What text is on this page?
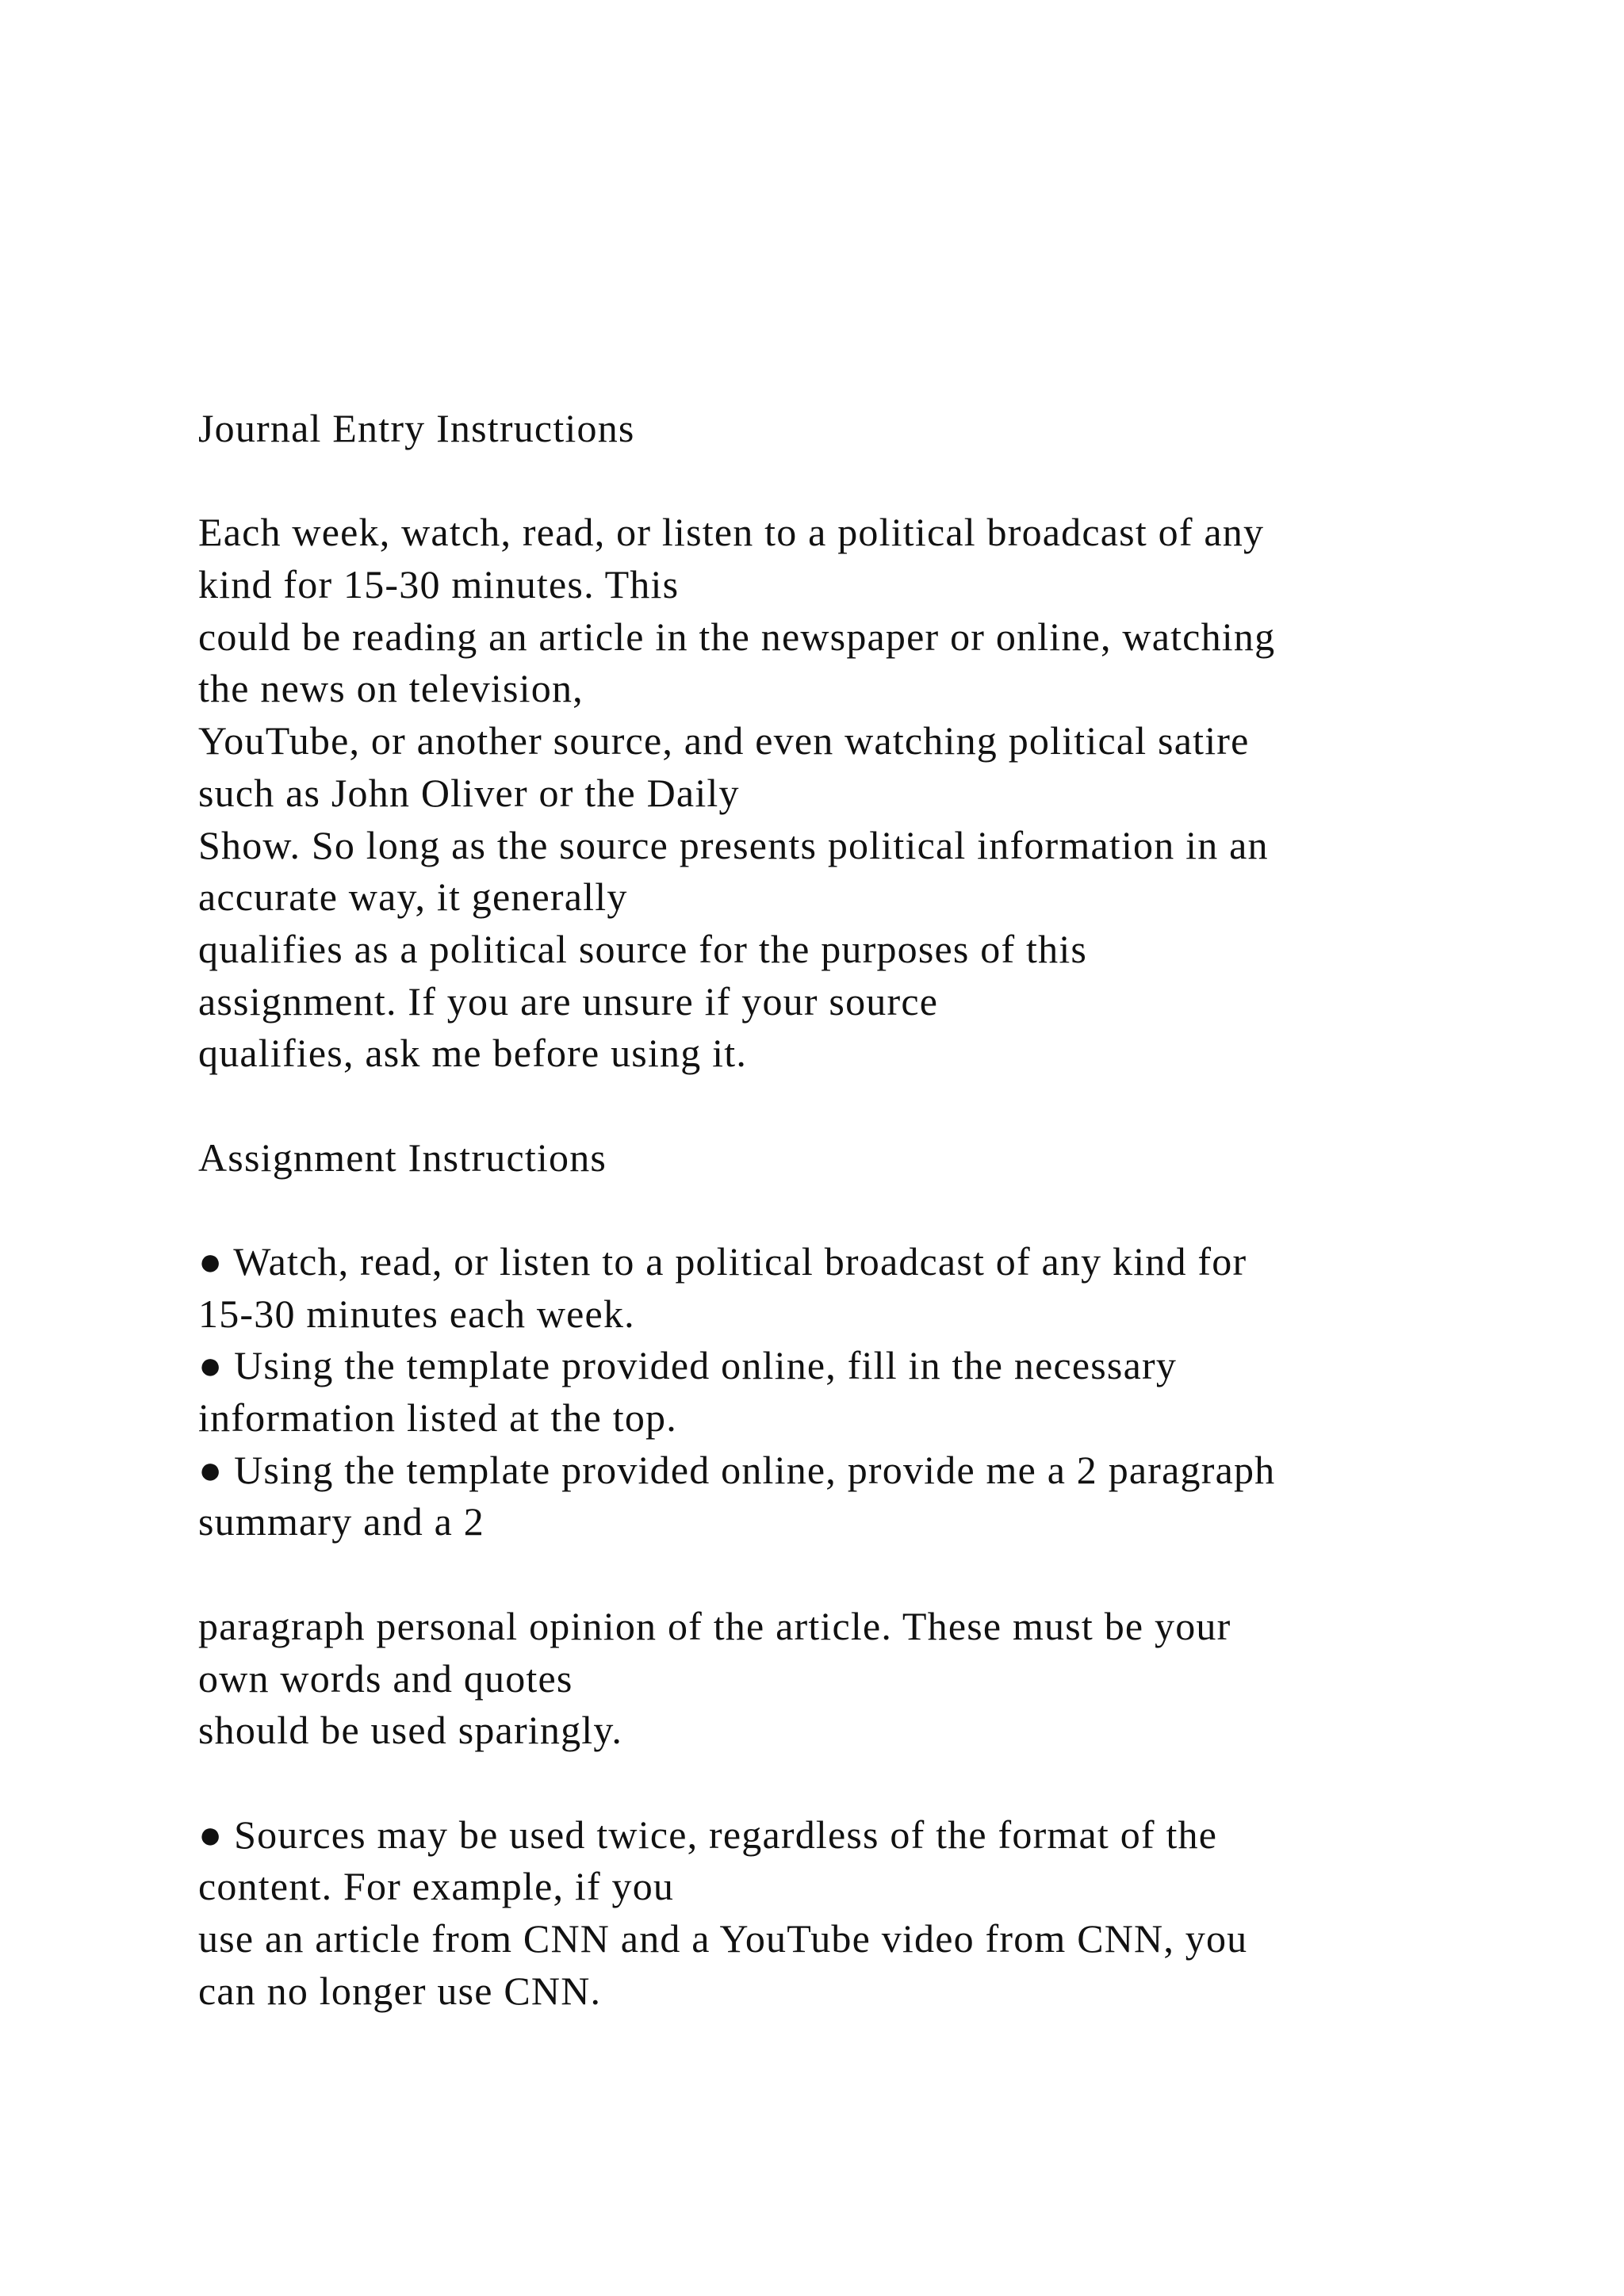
Journal Entry Instructions
Each week, watch, read, or listen to a political broadcast of any
kind for 15-30 minutes. This
could be reading an article in the newspaper or online, watching
the news on television,
YouTube, or another source, and even watching political satire
such as John Oliver or the Daily
Show. So long as the source presents political information in an
accurate way, it generally
qualifies as a political source for the purposes of this
assignment. If you are unsure if your source
qualifies, ask me before using it.
Assignment Instructions
● Watch, read, or listen to a political broadcast of any kind for
15-30 minutes each week.
● Using the template provided online, fill in the necessary
information listed at the top.
● Using the template provided online, provide me a 2 paragraph
summary and a 2
paragraph personal opinion of the article. These must be your
own words and quotes
should be used sparingly.
● Sources may be used twice, regardless of the format of the
content. For example, if you
use an article from CNN and a YouTube video from CNN, you
can no longer use CNN.
